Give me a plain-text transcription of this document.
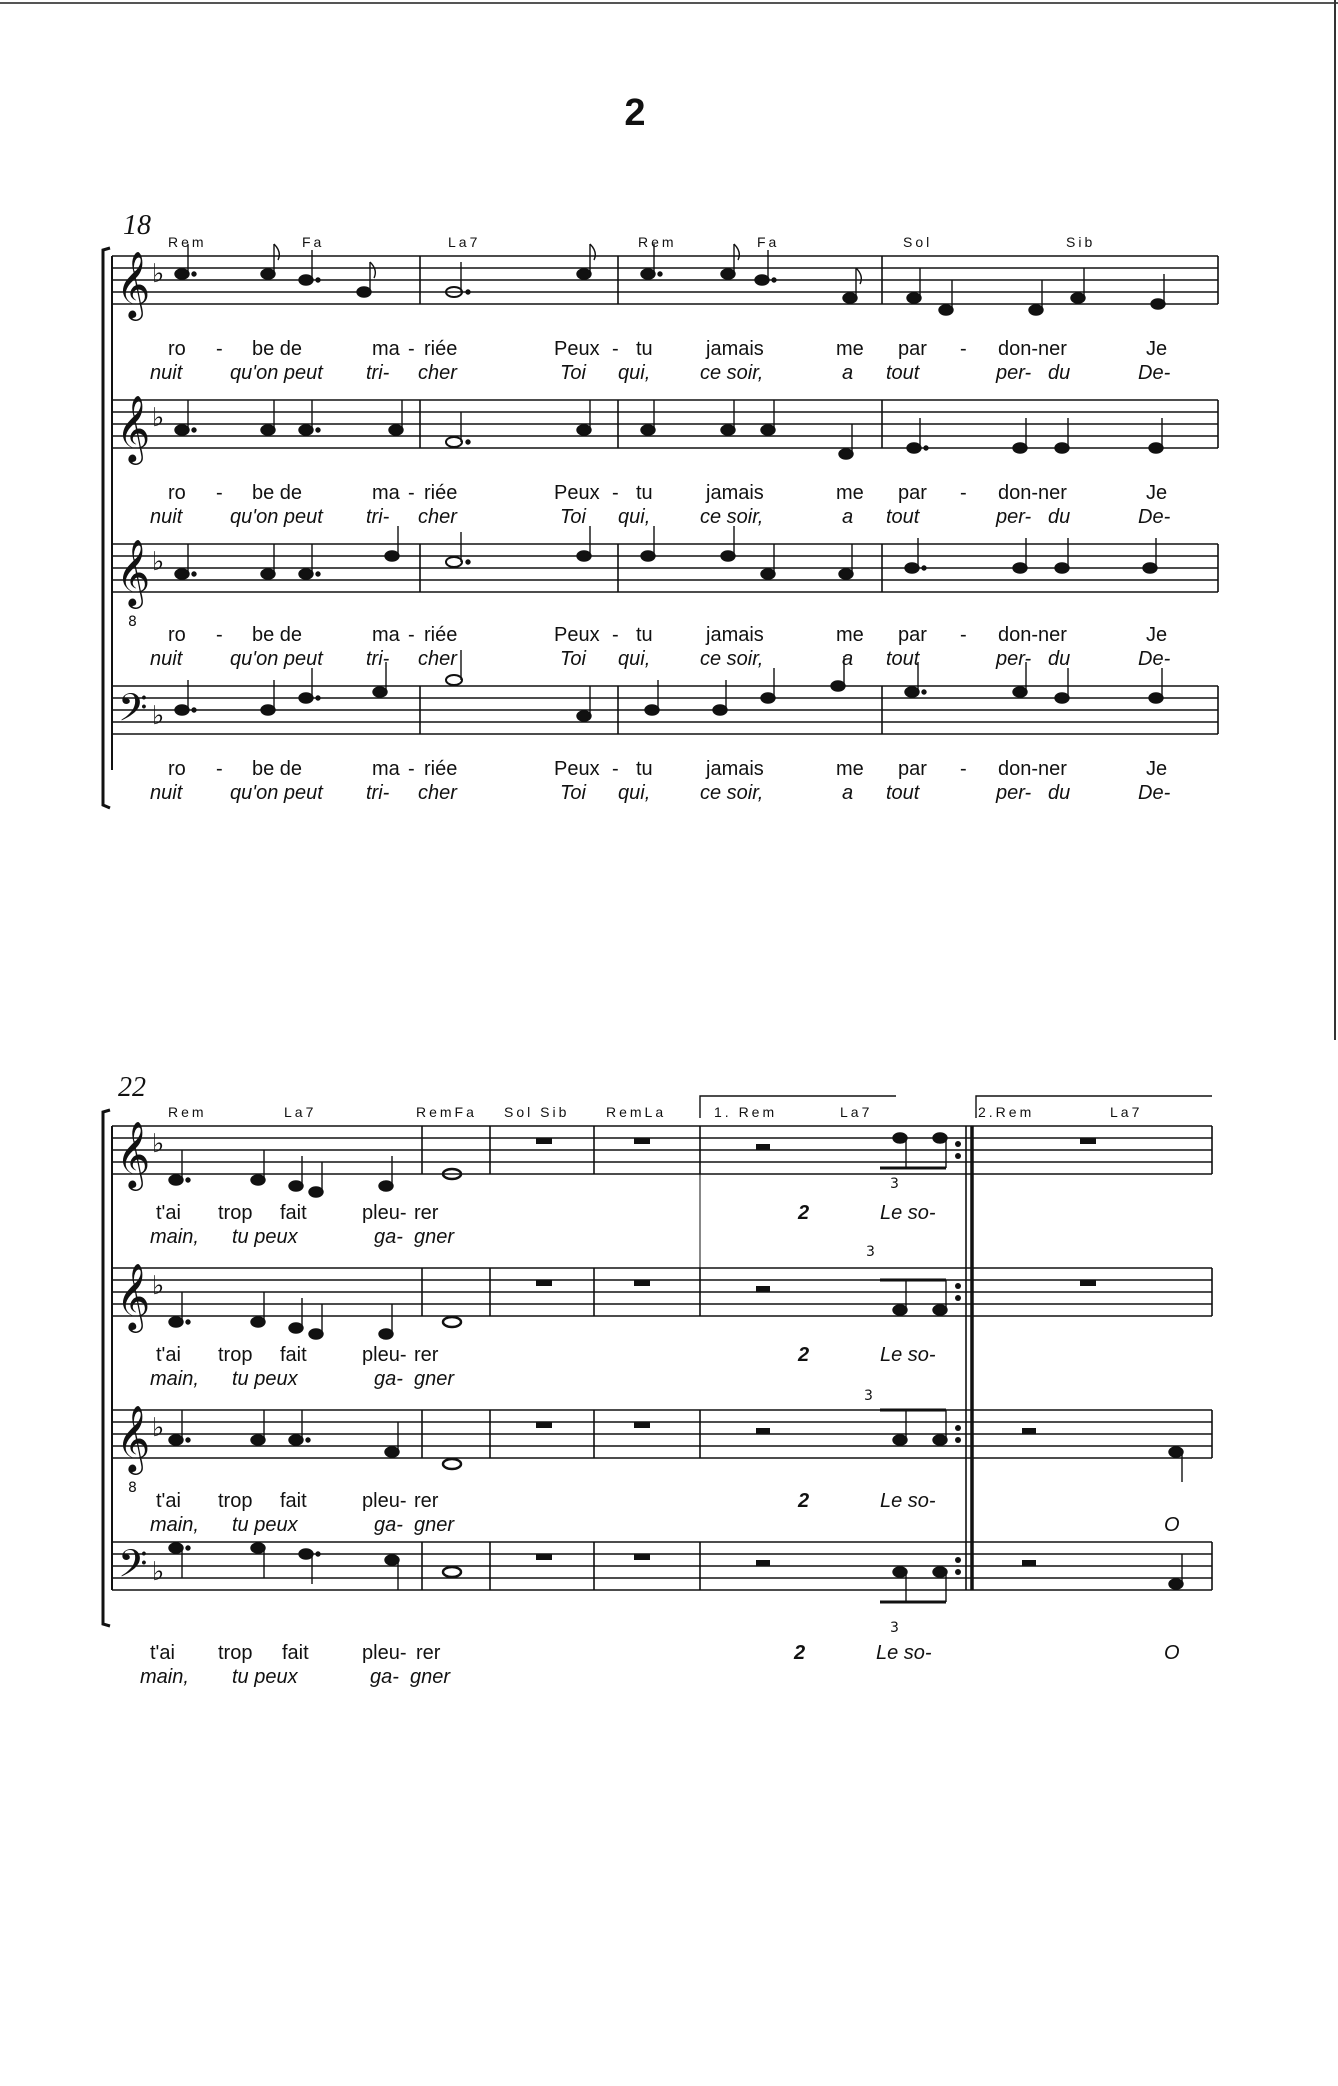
2
18
Rem	Fa	La7	Rem	Fa	Sol	Sib
𝄞
𝄞
𝄞
8
𝄢
♭
♭
♭
♭
ro - be de	ma - riée	Peux - tu	jamais	me par - don-ner	Je
nuit qu'on peut tri- cher	Toi qui, ce soir,	a tout	per- du	De-
ro - be de	ma - riée	Peux - tu	jamais	me par - don-ner	Je
nuit qu'on peut tri- cher	Toi qui, ce soir,	a tout	per- du	De-
ro - be de	ma - riée	Peux - tu	jamais	me par - don-ner	Je
nuit qu'on peut tri- cher	Toi qui, ce soir,	a tout	per- du	De-
ro - be de	ma - riée	Peux - tu	jamais	me par - don-ner	Je
nuit qu'on peut tri- cher	Toi qui, ce soir,	a tout	per- du	De-
22
Rem	La7	RemFa Sol Sib	RemLa	1. Rem	La7	2.Rem	La7
𝄞
𝄞
𝄞
8
𝄢
♭
♭
♭
♭
3
3
3
3
t'ai trop fait	pleu- rer	2	Le so-
main, tu peux	ga- gner
t'ai trop fait	pleu- rer	2	Le so-
main, tu peux	ga- gner
t'ai trop fait	pleu- rer	2	Le so-
main, tu peux	ga- gner	O
t'ai trop fait	pleu- rer	2	Le so-
main, tu peux	ga- gner
O
